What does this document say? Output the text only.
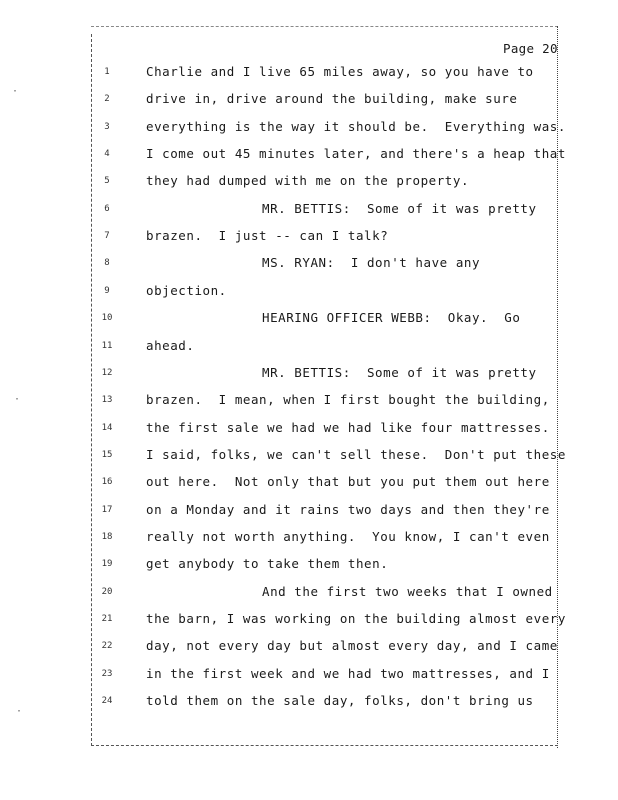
Page 20
1	Charlie and I live 65 miles away, so you have to
2	drive in, drive around the building, make sure
3	everything is the way it should be.  Everything was.
4	I come out 45 minutes later, and there's a heap that
5	they had dumped with me on the property.
6	MR. BETTIS:  Some of it was pretty
7	brazen.  I just -- can I talk?
8	MS. RYAN:  I don't have any
9	objection.
10	HEARING OFFICER WEBB:  Okay.  Go
11	ahead.
12	MR. BETTIS:  Some of it was pretty
13	brazen.  I mean, when I first bought the building,
14	the first sale we had we had like four mattresses.
15	I said, folks, we can't sell these.  Don't put these
16	out here.  Not only that but you put them out here
17	on a Monday and it rains two days and then they're
18	really not worth anything.  You know, I can't even
19	get anybody to take them then.
20	And the first two weeks that I owned
21	the barn, I was working on the building almost every
22	day, not every day but almost every day, and I came
23	in the first week and we had two mattresses, and I
24	told them on the sale day, folks, don't bring us
·
·
·
